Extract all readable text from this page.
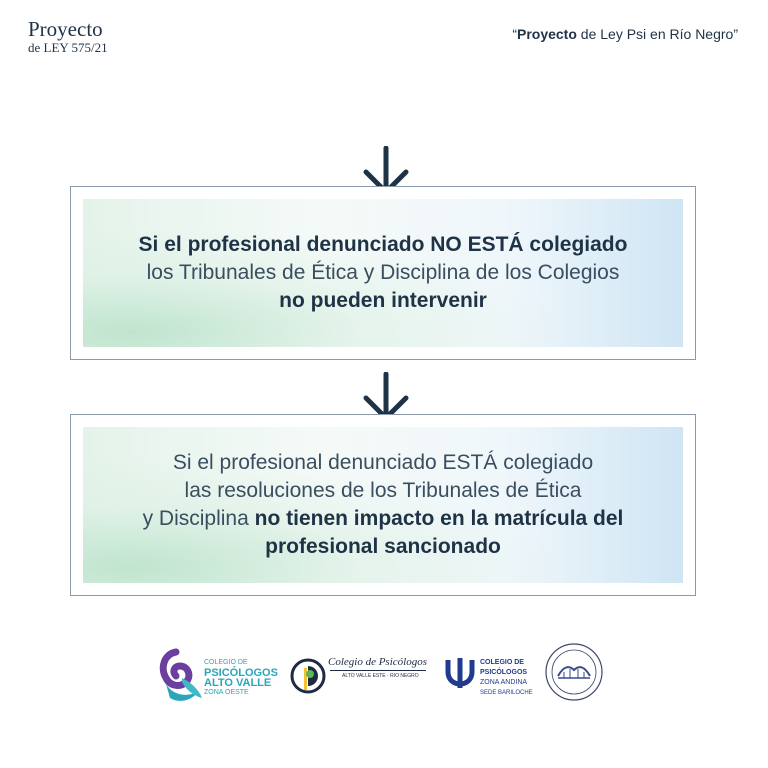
Proyecto
de LEY 575/21
“Proyecto de Ley Psi en Río Negro”
Si el profesional denunciado NO ESTÁ colegiado
los Tribunales de Ética y Disciplina de los Colegios
no pueden intervenir
Si el profesional denunciado ESTÁ colegiado
las resoluciones de los Tribunales de Ética
y Disciplina no tienen impacto en la matrícula del
profesional sancionado
COLEGIO DE
PSICÓLOGOS
ALTO VALLE
ZONA OESTE
Colegio de Psicólogos
ALTO VALLE ESTE · RIO NEGRO
COLEGIO DE
PSICÓLOGOS
ZONA ANDINA
SEDE BARILOCHE
